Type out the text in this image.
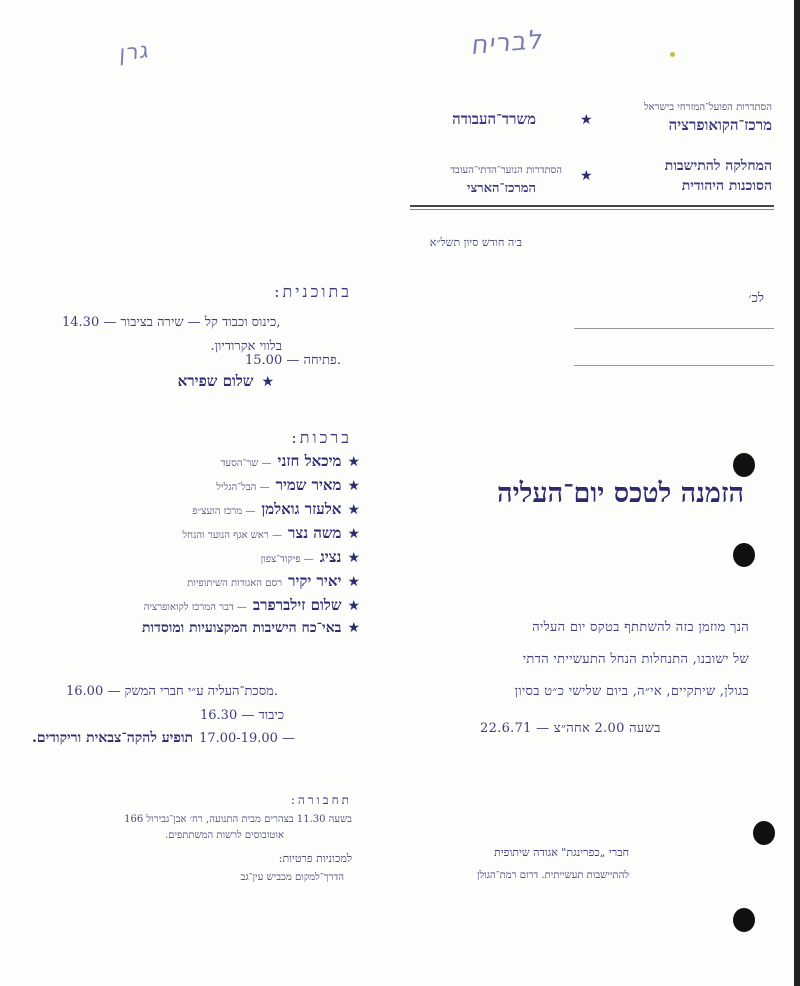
ג‏ר‏ן	לבריח
הסתדרות הפועל־המזרחי בישראל
מרכז־הקואופרציה
★
משרד־העבודה
המחלקה להתישבות
הסוכנות היהודית
★
הסתדרות הנוער־הדתי־העובד
המרכז־הארצי
ב׳ה חודש סיון תשל״א
לכ׳
הזמנה לטכס יום־העליה
הנך מוזמן בזה להשתתף בטקס יום העליה
של ישובנו, התנחלות הנחל התעשייתי הדתי
בגולן, שיתקיים, אי״ה, ביום שלישי כ״ט בסיון
22.6.71 — בשעה 2.00 אחה״צ
חברי „כפרינגת" אגודה שיתופית
להתיישבות תעשייתית. דרום רמת־הגולן
בתוכנית:
14.30 — כינוס וכבוד קל — שירה בציבור,
בלווי אקרודיון.
15.00 — פתיחה.
שלום שפירא ★
ברכות:
★
מיכאל חזני
— שר־הסעד
★
מאיר שמיר
— הבל־הגליל
★
אלעזר גואלמן
— מרכז הועצ״פ
★
משה נצר
— ראש אגף הנוער והנחל
★
נציג
— פיקוד־צפון
★
יאיר יקיר
רסם האגודות השיתופיות
★
שלום זילברפרב
— דבר המרכז לקואופרציה
★
באי־כח הישיבות המקצועיות ומוסדות
16.00 — מסכת־העליה ע״י חברי המשק.
16.30 — כיבוד
תופיע להקה־צבאית וריקודים. 17.00-19.00 —
תחבורה:
בשעה 11.30 בצהרים מבית התנועה, רח׳ אבן־גבירול 166
אוטובוסים לרשות המשתתפים.
למכוניות פרטיות:
הדרך־למקום מכביש עין־גב
